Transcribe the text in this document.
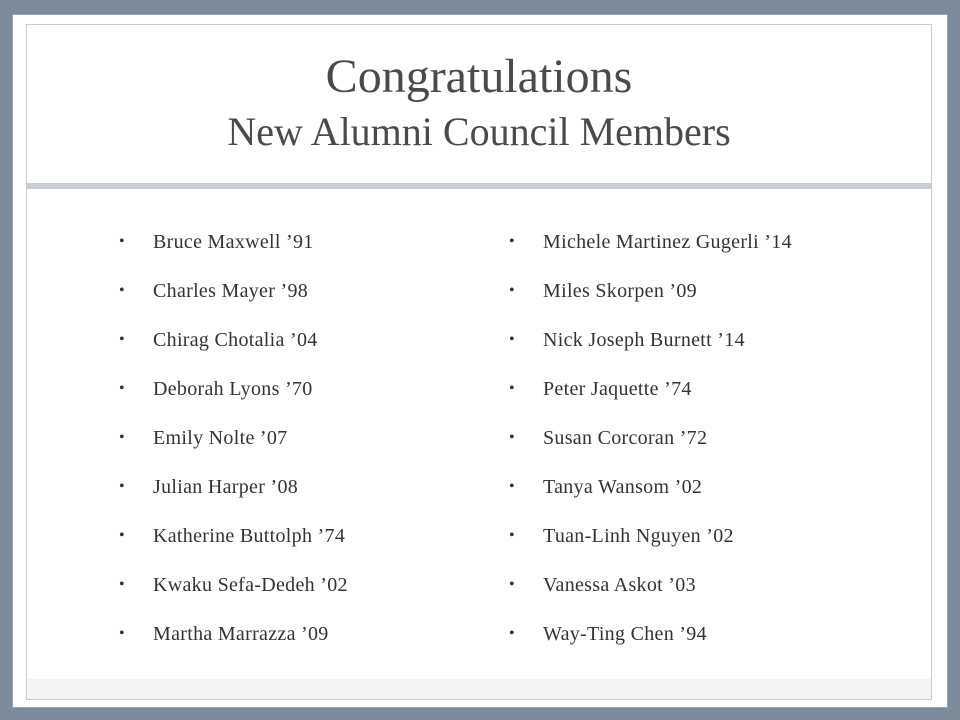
Congratulations
New Alumni Council Members
• Bruce Maxwell ’91
• Charles Mayer ’98
• Chirag Chotalia ’04
• Deborah Lyons ’70
• Emily Nolte ’07
• Julian Harper ’08
• Katherine Buttolph ’74
• Kwaku Sefa-Dedeh ’02
• Martha Marrazza ’09
• Michele Martinez Gugerli ’14
• Miles Skorpen ’09
• Nick Joseph Burnett ’14
• Peter Jaquette ’74
• Susan Corcoran ’72
• Tanya Wansom ’02
• Tuan-Linh Nguyen ’02
• Vanessa Askot ’03
• Way-Ting Chen ’94
